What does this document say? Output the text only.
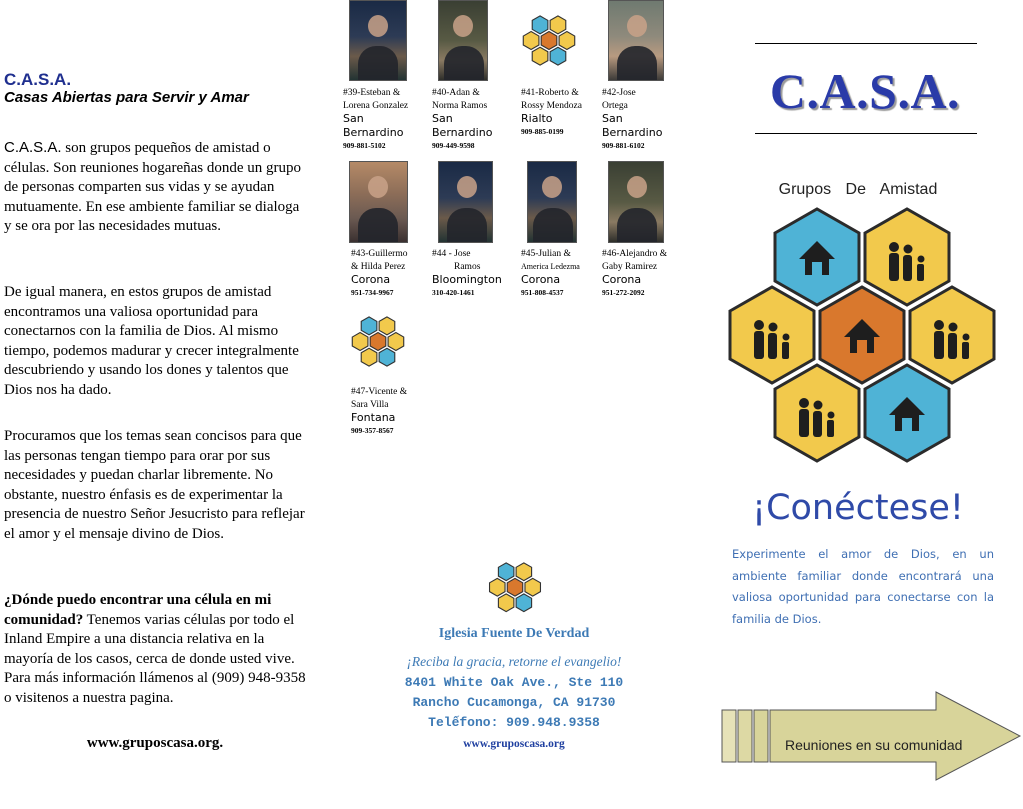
C.A.S.A.
Casas Abiertas para Servir y Amar
C.A.S.A. son grupos pequeños de amistad o células. Son reuniones hogareñas donde un grupo de personas comparten sus vidas y se ayudan mutuamente. En ese ambiente familiar se dialoga y se ora por las necesidades mutuas.
De igual manera, en estos grupos de amistad encontramos una valiosa oportunidad para conectarnos con la familia de Dios. Al mismo tiempo, podemos madurar y crecer integralmente descubriendo y usando los dones y talentos que Dios nos ha dado.
Procuramos que los temas sean concisos para que las personas tengan tiempo para orar por sus necesidades y puedan charlar libremente. No obstante, nuestro énfasis es de experimentar la presencia de nuestro Señor Jesucristo para reflejar el amor y el mensaje divino de Dios.
¿Dónde puedo encontrar una célula en mi comunidad? Tenemos varias células por todo el Inland Empire a una distancia relativa en la mayoría de los casos, cerca de donde usted vive. Para más información llámenos al (909) 948-9358 o visitenos a nuestra pagina.
www.gruposcasa.org.
#39-Esteban &
Lorena Gonzalez
San Bernardino
909-881-5102
#40-Adan &
Norma Ramos
San Bernardino
909-449-9598
#41-Roberto &
Rossy Mendoza
Rialto
909-885-0199
#42-Jose
Ortega
San Bernardino
909-881-6102
#43-Guillermo
& Hilda Perez
Corona
951-734-9967
#44 - Jose
Ramos
Bloomington
310-420-1461
#45-Julian &
America Ledezma
Corona
951-808-4537
#46-Alejandro &
Gaby Ramirez
Corona
951-272-2092
#47-Vicente &
Sara Villa
Fontana
909-357-8567
Iglesia Fuente De Verdad
¡Reciba la gracia, retorne el evangelio!
8401 White Oak Ave., Ste 110
Rancho Cucamonga, CA 91730
Telếfono: 909.948.9358
www.gruposcasa.org
C.A.S.A.
Grupos De Amistad
¡Conéctese!
Experimente el amor de Dios, en un ambiente familiar donde encontrará una valiosa oportunidad para conectarse con la familia de Dios.
Reuniones en su comunidad
